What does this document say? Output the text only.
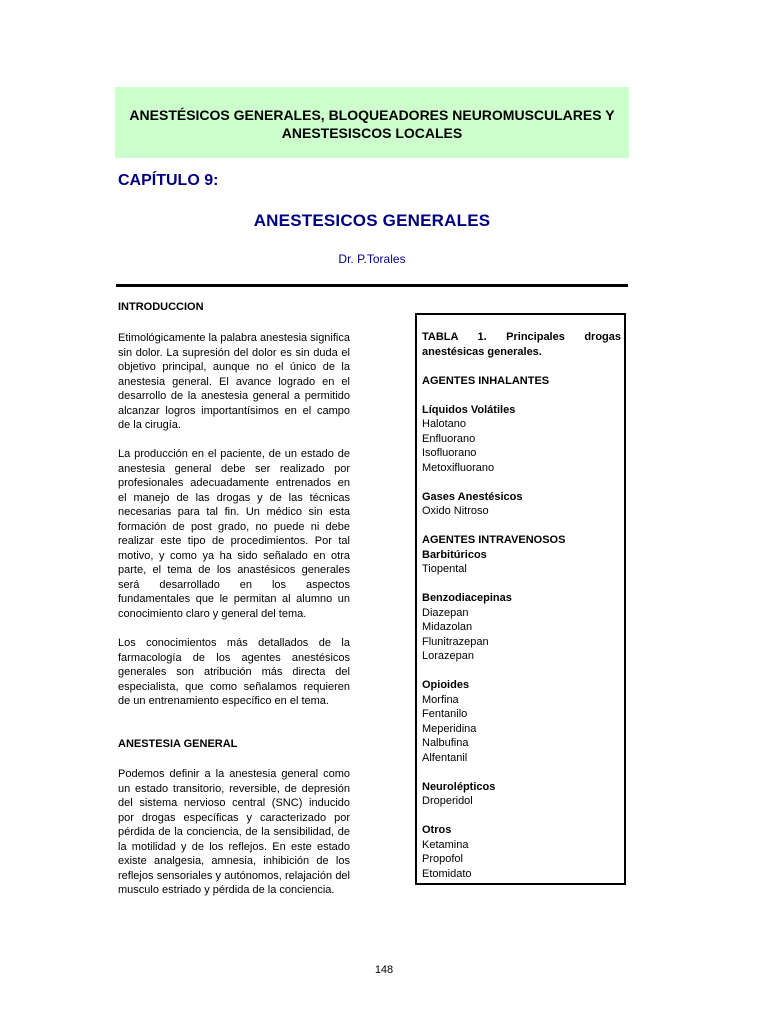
ANESTÉSICOS GENERALES, BLOQUEADORES NEUROMUSCULARES Y
ANESTESISCOS LOCALES
CAPÍTULO 9:
ANESTESICOS GENERALES
Dr. P.Torales
INTRODUCCION

Etimológicamente la palabra anestesia significa sin dolor. La supresión del dolor es sin duda el objetivo principal, aunque no el único de la anestesia general. El avance logrado en el desarrollo de la anestesia general a permitido alcanzar logros importantísimos en el campo de la cirugía.

La producción en el paciente, de un estado de anestesia general debe ser realizado por profesionales adecuadamente entrenados en el manejo de las drogas y de las técnicas necesarias para tal fin. Un médico sin esta formación de post grado, no puede ni debe realizar este tipo de procedimientos. Por tal motivo, y como ya ha sido señalado en otra parte, el tema de los anastésicos generales será desarrollado en los aspectos fundamentales que le permitan al alumno un conocimiento claro y general del tema.

Los conocimientos más detallados de la farmacología de los agentes anestésicos generales son atribución más directa del especialista, que como señalamos requieren de un entrenamiento específico en el tema.

ANESTESIA GENERAL

Podemos definir a la anestesia general como un estado transitorio, reversible, de depresión del sistema nervioso central (SNC) inducido por drogas específicas y caracterizado por pérdida de la conciencia, de la sensibilidad, de la motilidad y de los reflejos. En este estado existe analgesia, amnesia, inhibición de los reflejos sensoriales y autónomos, relajación del musculo estriado y pérdida de la conciencia.

TABLA 1. Principales drogas anestésicas generales.
AGENTES INHALANTES
Líquidos Volátiles
Halotano
Enfluorano
Isofluorano
Metoxifluorano
Gases Anestésicos
Oxido Nitroso
AGENTES INTRAVENOSOS
Barbitúricos
Tiopental
Benzodiacepinas
Diazepan
Midazolan
Flunitrazepan
Lorazepan
Opioides
Morfina
Fentanilo
Meperidina
Nalbufina
Alfentanil
Neurolépticos
Droperidol
Otros
Ketamina
Propofol
Etomidato
148
